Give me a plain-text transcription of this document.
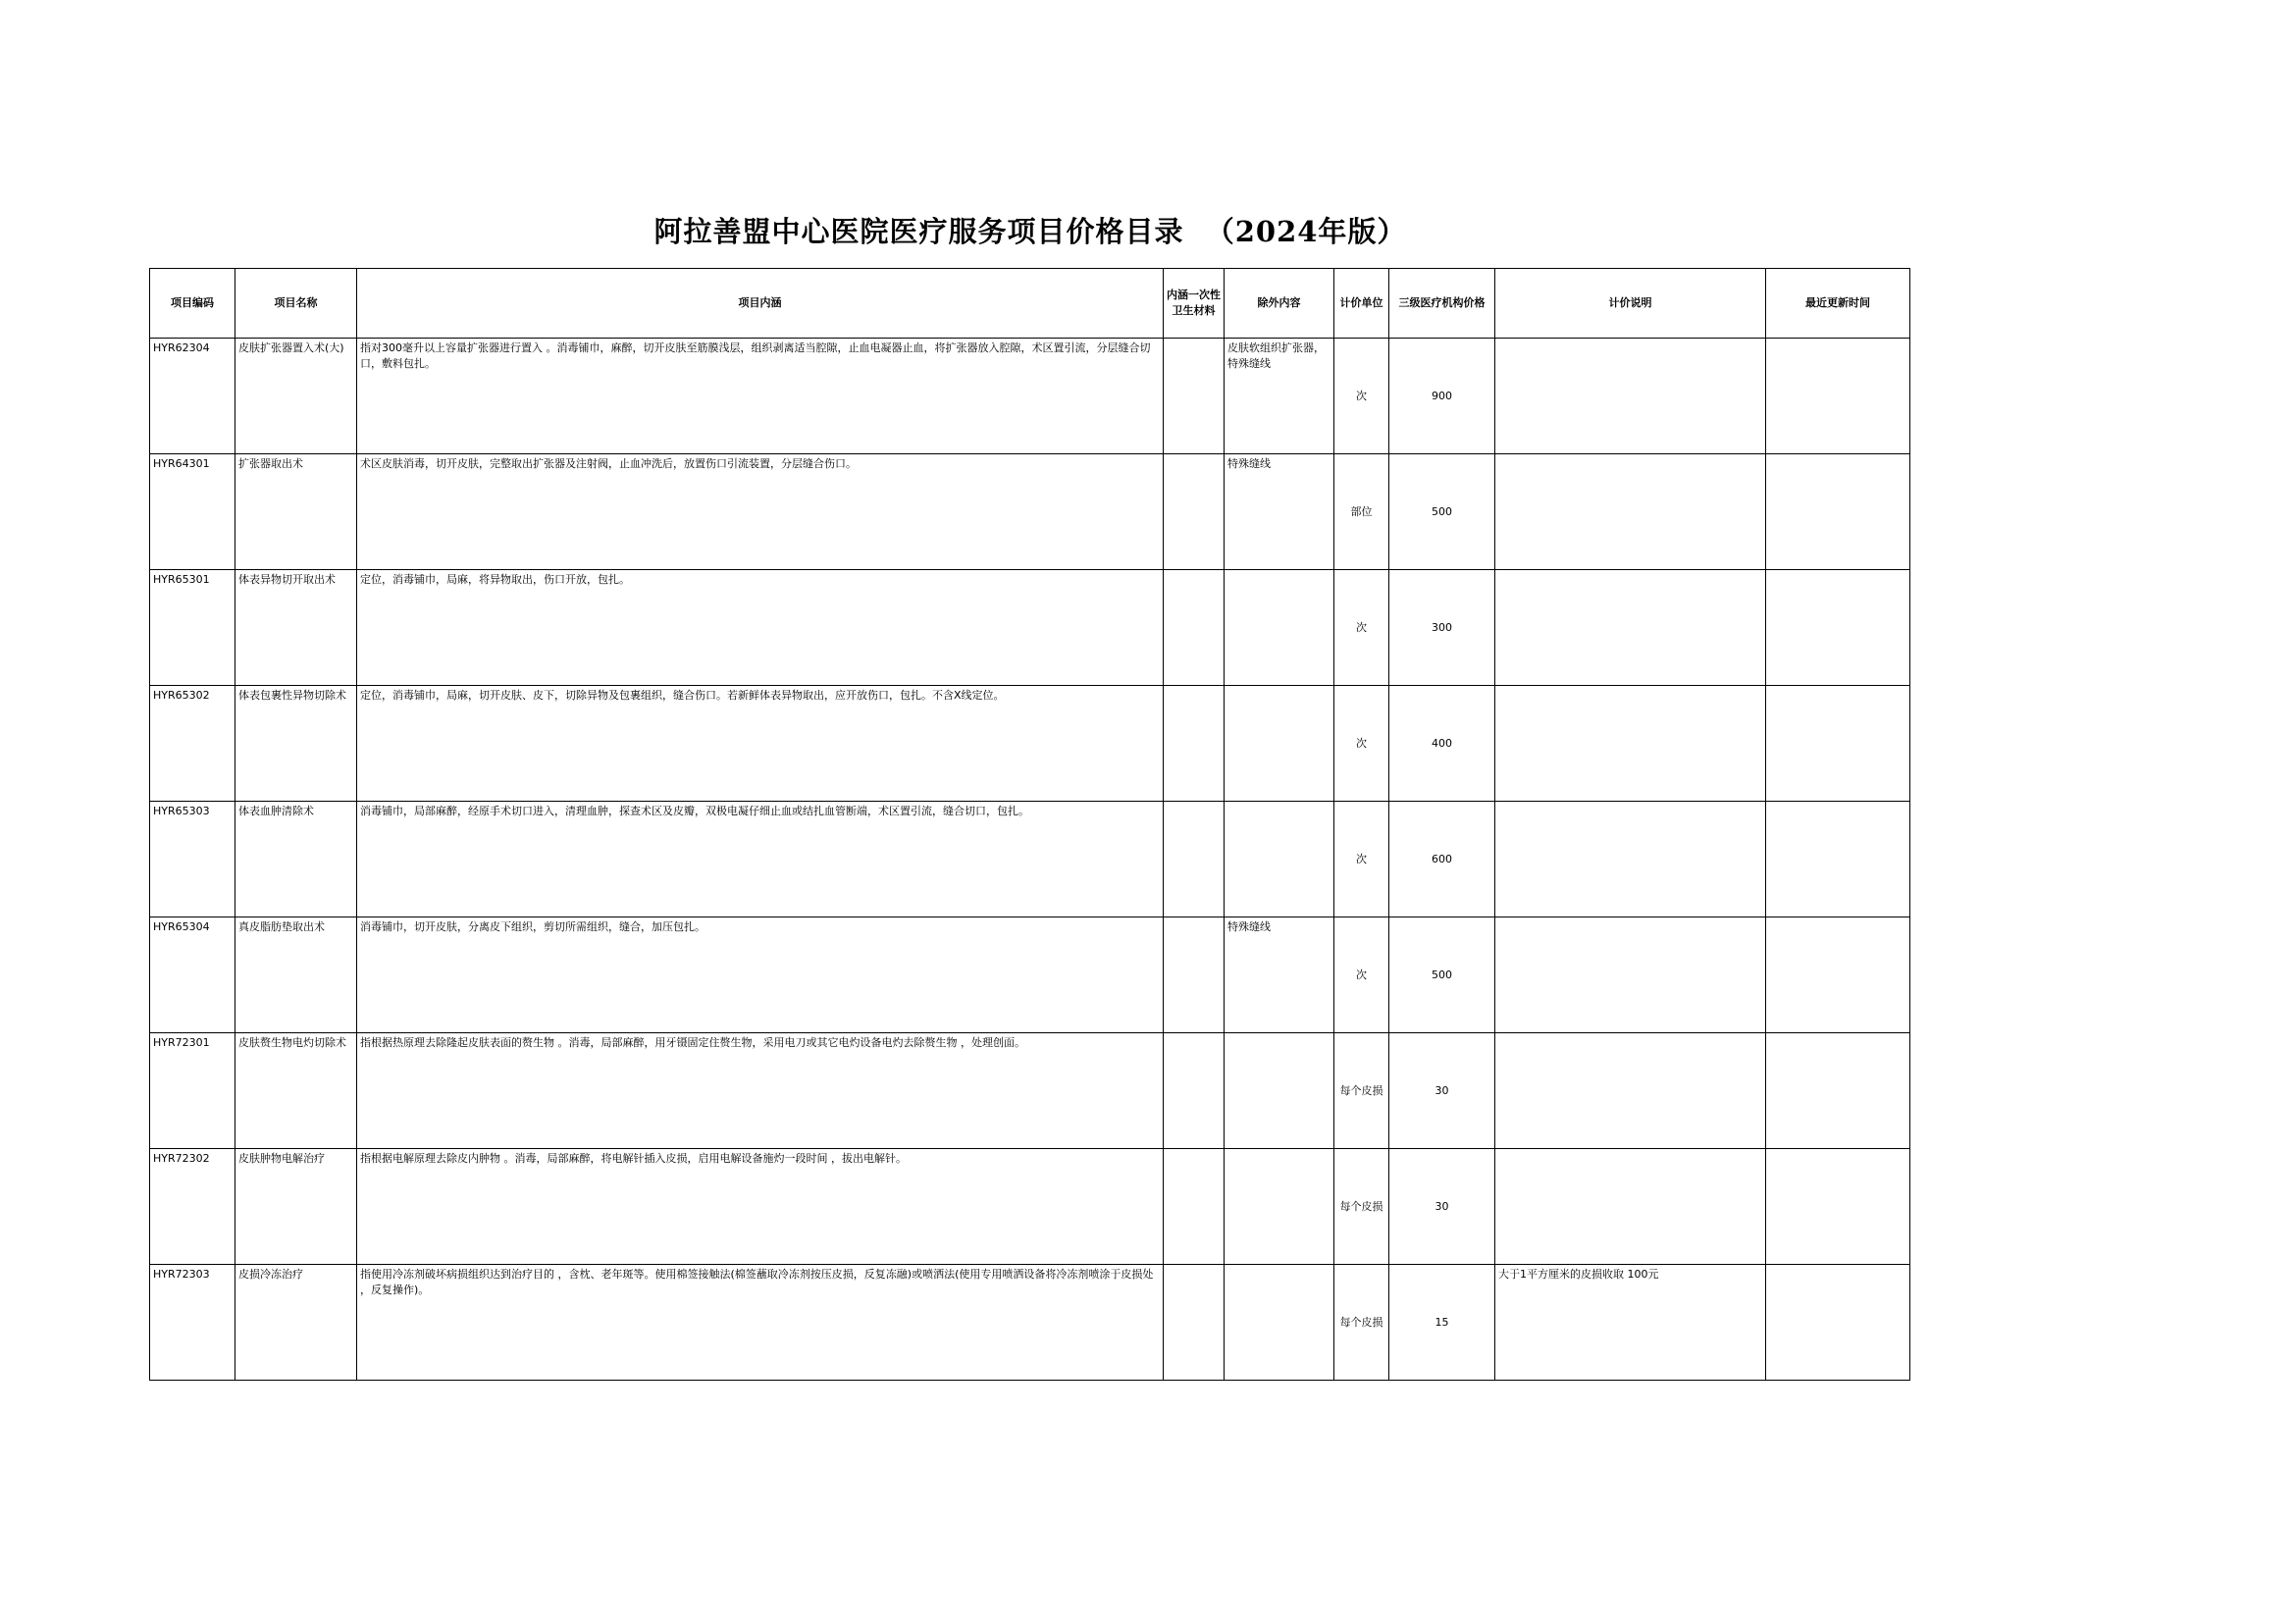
阿拉善盟中心医院医疗服务项目价格目录  （2024年版）
项目编码	项目名称	项目内涵	内涵一次性卫生材料	除外内容	计价单位	三级医疗机构价格	计价说明	最近更新时间
HYR62304	皮肤扩张器置入术(大)	指对300毫升以上容量扩张器进行置入 。消毒铺巾，麻醉，切开皮肤至筋膜浅层，组织剥离适当腔隙，止血电凝器止血，将扩张器放入腔隙，术区置引流，分层缝合切口，敷料包扎。		皮肤软组织扩张器，特殊缝线	次	900		
HYR64301	扩张器取出术	术区皮肤消毒，切开皮肤，完整取出扩张器及注射阀，止血冲洗后，放置伤口引流装置，分层缝合伤口。		特殊缝线	部位	500		
HYR65301	体表异物切开取出术	定位，消毒铺巾，局麻，将异物取出，伤口开放，包扎。			次	300		
HYR65302	体表包裹性异物切除术	定位，消毒铺巾，局麻，切开皮肤、皮下，切除异物及包裹组织，缝合伤口。若新鲜体表异物取出，应开放伤口，包扎。不含X线定位。			次	400		
HYR65303	体表血肿清除术	消毒铺巾，局部麻醉，经原手术切口进入，清理血肿，探查术区及皮瓣，双极电凝仔细止血或结扎血管断端，术区置引流，缝合切口，包扎。			次	600		
HYR65304	真皮脂肪垫取出术	消毒铺巾，切开皮肤，分离皮下组织，剪切所需组织，缝合，加压包扎。		特殊缝线	次	500		
HYR72301	皮肤赘生物电灼切除术	指根据热原理去除隆起皮肤表面的赘生物 。消毒，局部麻醉，用牙镊固定住赘生物，采用电刀或其它电灼设备电灼去除赘生物 ，处理创面。			每个皮损	30		
HYR72302	皮肤肿物电解治疗	指根据电解原理去除皮内肿物 。消毒，局部麻醉，将电解针插入皮损，启用电解设备施灼一段时间 ，拔出电解针。			每个皮损	30		
HYR72303	皮损冷冻治疗	指使用冷冻剂破坏病损组织达到治疗目的 ，含枕、老年斑等。使用棉签接触法(棉签蘸取冷冻剂按压皮损，反复冻融)或喷洒法(使用专用喷洒设备将冷冻剂喷涂于皮损处 ，反复操作)。			每个皮损	15	大于1平方厘米的皮损收取 100元	
